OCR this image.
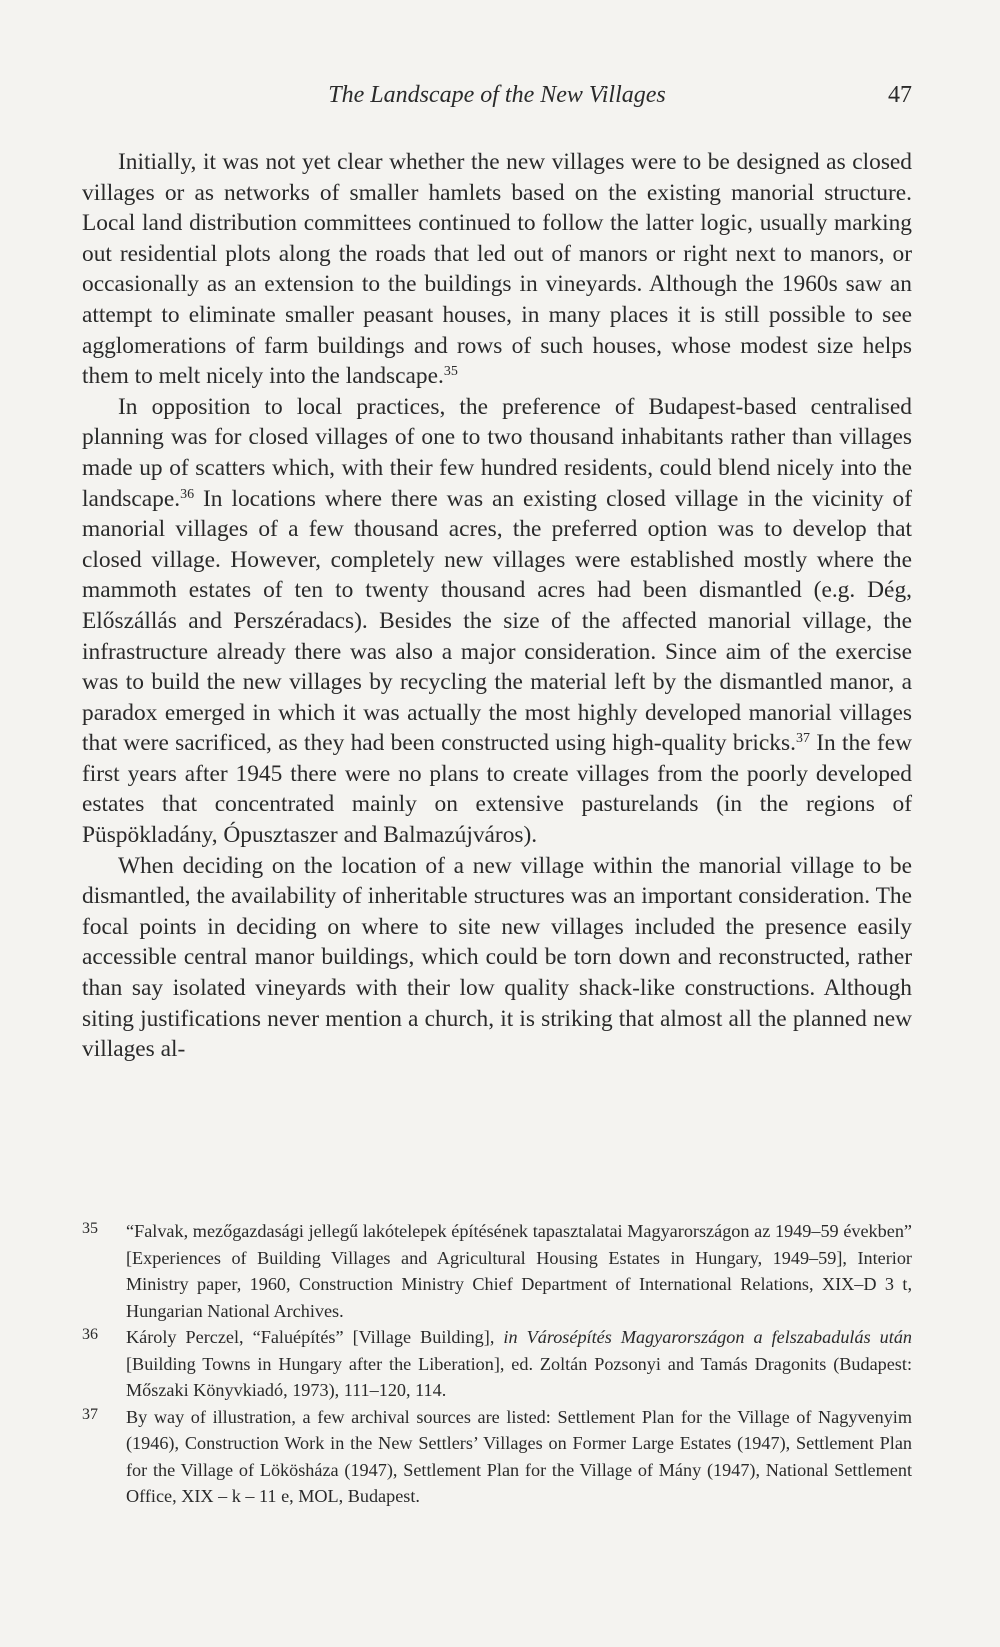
The Landscape of the New Villages	47

Initially, it was not yet clear whether the new villages were to be designed as closed villages or as networks of smaller hamlets based on the existing manorial structure. Local land distribution committees continued to follow the latter logic, usually marking out residential plots along the roads that led out of manors or right next to manors, or occasionally as an extension to the buildings in vineyards. Although the 1960s saw an attempt to eliminate smaller peasant houses, in many places it is still possible to see agglomerations of farm buildings and rows of such houses, whose modest size helps them to melt nicely into the landscape.$^{35}$

In opposition to local practices, the preference of Budapest-based centralised planning was for closed villages of one to two thousand inhabitants rather than villages made up of scatters which, with their few hundred residents, could blend nicely into the landscape.$^{36}$ In locations where there was an existing closed village in the vicinity of manorial villages of a few thousand acres, the preferred option was to develop that closed village. However, completely new villages were established mostly where the mammoth estates of ten to twenty thousand acres had been dismantled (e.g. Dég, Előszállás and Perszéradacs). Besides the size of the affected manorial village, the infrastructure already there was also a major consideration. Since aim of the exercise was to build the new villages by recycling the material left by the dismantled manor, a paradox emerged in which it was actually the most highly developed manorial villages that were sacrificed, as they had been constructed using high-quality bricks.$^{37}$ In the few first years after 1945 there were no plans to create villages from the poorly developed estates that concentrated mainly on extensive pasturelands (in the regions of Püspökladány, Ópusztaszer and Balmazújváros).

When deciding on the location of a new village within the manorial village to be dismantled, the availability of inheritable structures was an important consideration. The focal points in deciding on where to site new villages included the presence easily accessible central manor buildings, which could be torn down and reconstructed, rather than say isolated vineyards with their low quality shack-like constructions. Although siting justifications never mention a church, it is striking that almost all the planned new villages al-

35 “Falvak, mezőgazdasági jellegű lakótelepek építésének tapasztalatai Magyarországon az 1949–59 években” [Experiences of Building Villages and Agricultural Housing Estates in Hungary, 1949–59], Interior Ministry paper, 1960, Construction Ministry Chief Department of International Relations, XIX–D 3 t, Hungarian National Archives.
36 Károly Perczel, “Faluépítés” [Village Building], in Városépítés Magyarországon a felszabadulás után [Building Towns in Hungary after the Liberation], ed. Zoltán Pozsonyi and Tamás Dragonits (Budapest: Mőszaki Könyvkiadó, 1973), 111–120, 114.
37 By way of illustration, a few archival sources are listed: Settlement Plan for the Village of Nagyvenyim (1946), Construction Work in the New Settlers’ Villages on Former Large Estates (1947), Settlement Plan for the Village of Lökösháza (1947), Settlement Plan for the Village of Mány (1947), National Settlement Office, XIX – k – 11 e, MOL, Budapest.
